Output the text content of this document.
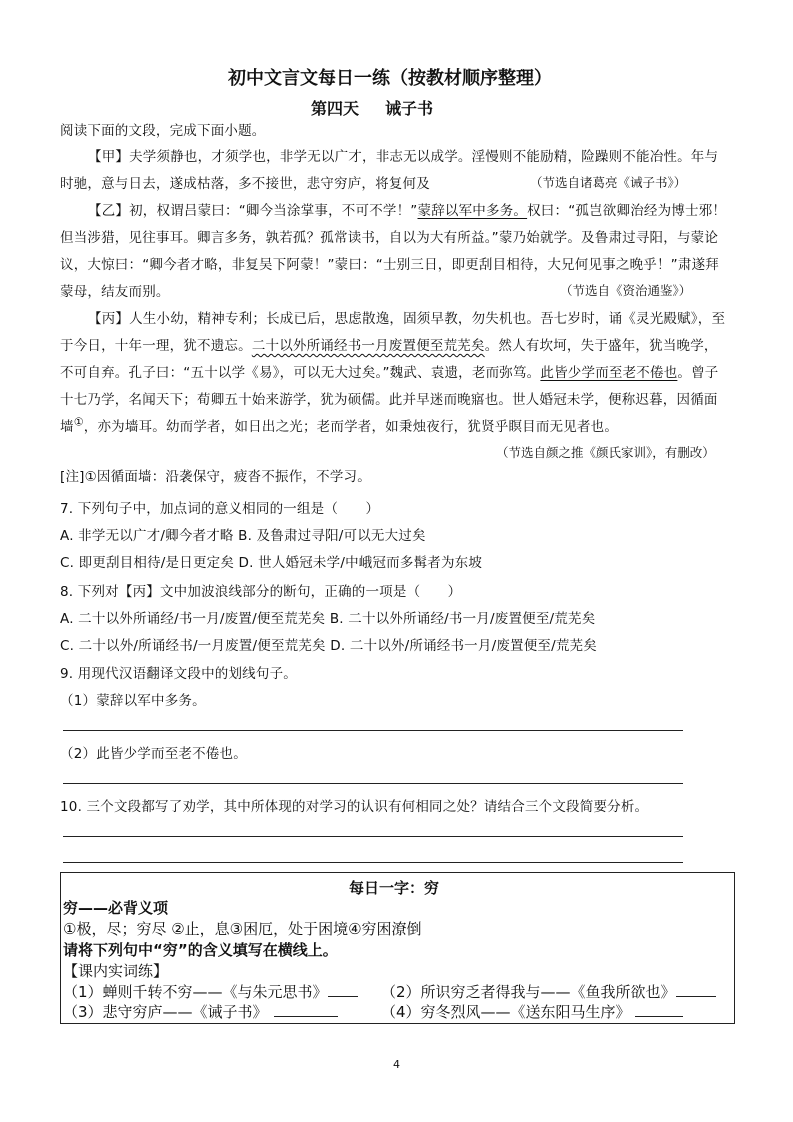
初中文言文每日一练（按教材顺序整理）
第四天 诫子书
阅读下面的文段，完成下面小题。
【甲】夫学须静也，才须学也，非学无以广才，非志无以成学。淫慢则不能励精，险躁则不能冶性。年与
时驰，意与日去，遂成枯落，多不接世，悲守穷庐，将复何及	（节选自诸葛亮《诫子书》）
【乙】初，权谓吕蒙曰：“卿今当涂掌事，不可不学！”蒙辞以军中多务。权曰：“孤岂欲卿治经为博士邪！
但当涉猎，见往事耳。卿言多务，孰若孤？孤常读书，自以为大有所益。”蒙乃始就学。及鲁肃过寻阳，与蒙论
议，大惊曰：“卿今者才略，非复吴下阿蒙！”蒙曰：“士别三日，即更刮目相待，大兄何见事之晚乎！”肃遂拜
蒙母，结友而别。	（节选自《资治通鉴》）
【丙】人生小幼，精神专利；长成已后，思虑散逸，固须早教，勿失机也。吾七岁时，诵《灵光殿赋》，至
于今日，十年一理，犹不遗忘。二十以外所诵经书一月废置便至荒芜矣。然人有坎坷，失于盛年，犹当晚学，
不可自弃。孔子曰：“五十以学《易》，可以无大过矣。”魏武、袁遗，老而弥笃。此皆少学而至老不倦也。曾子
十七乃学，名闻天下；荀卿五十始来游学，犹为硕儒。此并早迷而晚寤也。世人婚冠未学，便称迟暮，因循面
墙①，亦为墙耳。幼而学者，如日出之光；老而学者，如秉烛夜行，犹贤乎瞑目而无见者也。
（节选自颜之推《颜氏家训》，有删改）
[注]①因循面墙：沿袭保守，疲沓不振作，不学习。
7. 下列句子中，加点词的意义相同的一组是（　　）
A. 非学无以广才/卿今者才略 B. 及鲁肃过寻阳/可以无大过矣
C. 即更刮目相待/是日更定矣 D. 世人婚冠未学/中峨冠而多髯者为东坡
8. 下列对【丙】文中加波浪线部分的断句，正确的一项是（　　）
A. 二十以外所诵经/书一月/废置/便至荒芜矣 B. 二十以外所诵经/书一月/废置便至/荒芜矣
C. 二十以外/所诵经书/一月废置/便至荒芜矣 D. 二十以外/所诵经书一月/废置便至/荒芜矣
9. 用现代汉语翻译文段中的划线句子。
（1）蒙辞以军中多务。
（2）此皆少学而至老不倦也。
10. 三个文段都写了劝学，其中所体现的对学习的认识有何相同之处？请结合三个文段简要分析。
每日一字：穷
穷——必背义项
①极，尽；穷尽 ②止，息③困厄，处于困境④穷困潦倒
请将下列句中“穷”的含义填写在横线上。
【课内实词练】
（1）蝉则千转不穷——《与朱元思书》	（2）所识穷乏者得我与——《鱼我所欲也》
（3）悲守穷庐——《诫子书》	（4）穷冬烈风——《送东阳马生序》
4
